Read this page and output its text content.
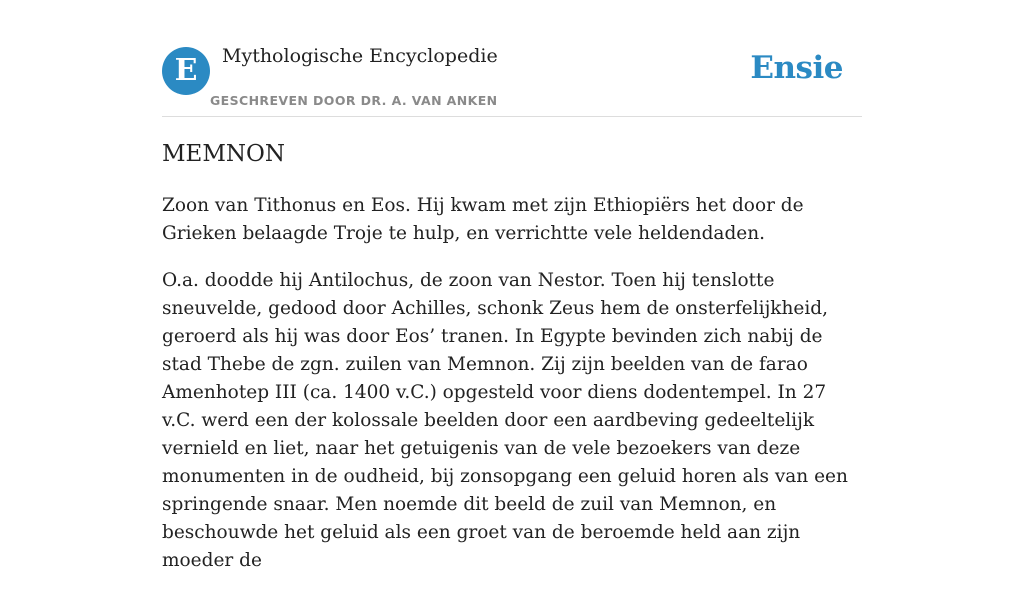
E	Mythologische Encyclopedie
GESCHREVEN DOOR DR. A. VAN ANKEN
Ensie
MEMNON

Zoon van Tithonus en Eos. Hij kwam met zijn Ethiopiërs het door de Grieken belaagde Troje te hulp, en verrichtte vele heldendaden.

O.a. doodde hij Antilochus, de zoon van Nestor. Toen hij tenslotte sneuvelde, gedood door Achilles, schonk Zeus hem de onsterfelijkheid, geroerd als hij was door Eos’ tranen. In Egypte bevinden zich nabij de stad Thebe de zgn. zuilen van Memnon. Zij zijn beelden van de farao Amenhotep III (ca. 1400 v.C.) opgesteld voor diens dodentempel. In 27 v.C. werd een der kolossale beelden door een aardbeving gedeeltelijk vernield en liet, naar het getuigenis van de vele bezoekers van deze monumenten in de oudheid, bij zonsopgang een geluid horen als van een springende snaar. Men noemde dit beeld de zuil van Memnon, en beschouwde het geluid als een groet van de beroemde held aan zijn moeder de
